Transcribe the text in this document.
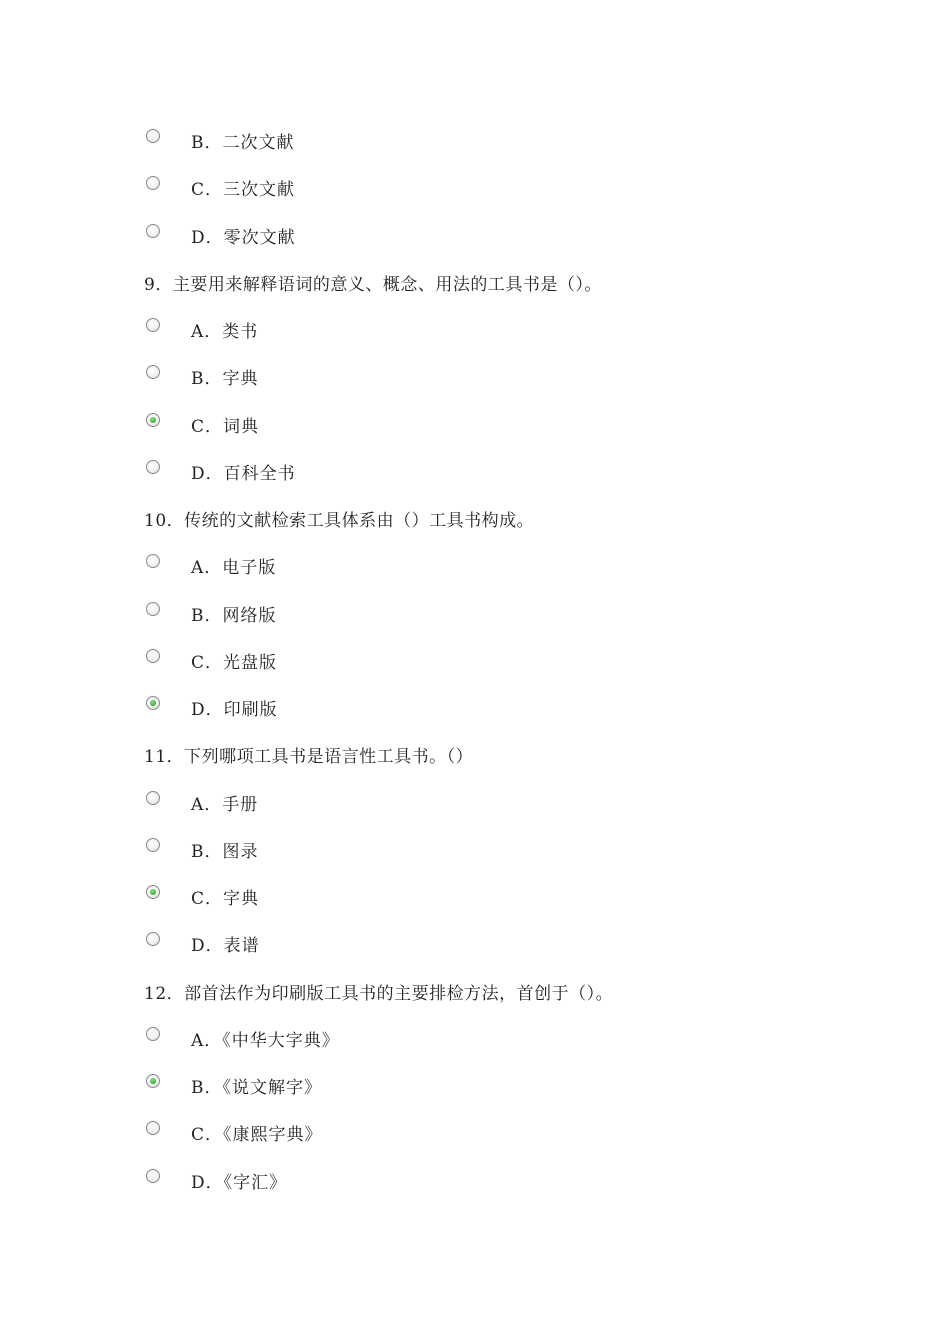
B．二次文献
C．三次文献
D．零次文献
9．主要用来解释语词的意义、概念、用法的工具书是（）。
A．类书
B．字典
C．词典
D．百科全书
10．传统的文献检索工具体系由（）工具书构成。
A．电子版
B．网络版
C．光盘版
D．印刷版
11．下列哪项工具书是语言性工具书。（）
A．手册
B．图录
C．字典
D．表谱
12．部首法作为印刷版工具书的主要排检方法，首创于（）。
A．《中华大字典》
B．《说文解字》
C．《康熙字典》
D．《字汇》
